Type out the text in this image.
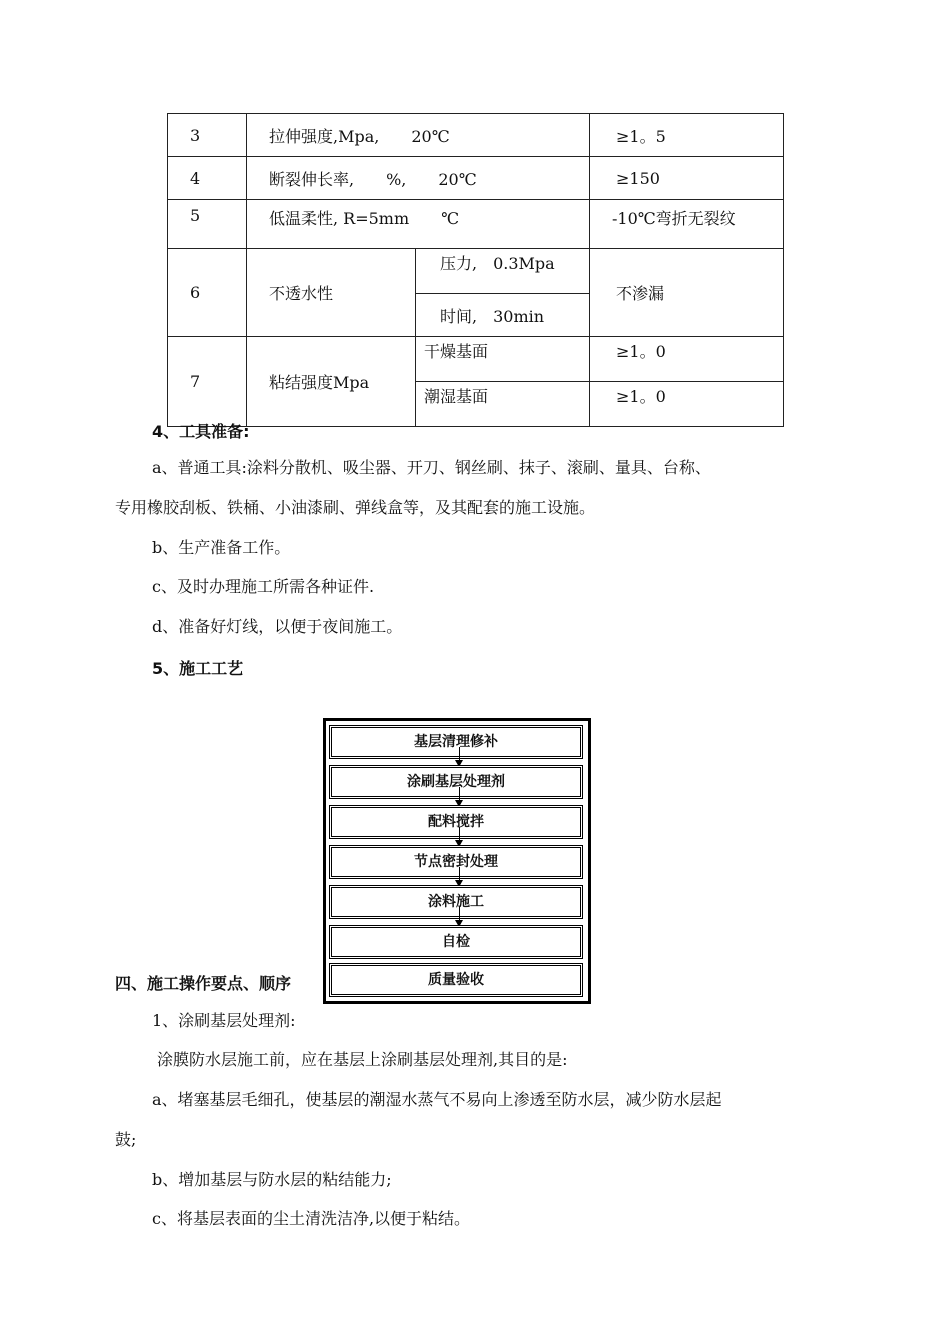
3	拉伸强度,Mpa,　　20℃		≥1。5
4	断裂伸长率,　　%,　　20℃		≥150
5	低温柔性, R=5mm　　℃		-10℃弯折无裂纹
6	不透水性	压力,　0.3Mpa	不渗漏
		时间,　30min	
7	粘结强度Mpa	干燥基面	≥1。0
		潮湿基面	≥1。0
4、工具准备:
a、普通工具:涂料分散机、吸尘器、开刀、钢丝刷、抹子、滚刷、量具、台称、
专用橡胶刮板、铁桶、小油漆刷、弹线盒等，及其配套的施工设施。
b、生产准备工作。
c、及时办理施工所需各种证件.
d、准备好灯线，以便于夜间施工。
5、施工工艺
四、施工操作要点、顺序
基层清理修补
涂刷基层处理剂
配料搅拌
节点密封处理
涂料施工
自检
质量验收
1、涂刷基层处理剂:
涂膜防水层施工前，应在基层上涂刷基层处理剂,其目的是:
a、堵塞基层毛细孔，使基层的潮湿水蒸气不易向上渗透至防水层，减少防水层起
鼓;
b、增加基层与防水层的粘结能力;
c、将基层表面的尘土清洗洁净,以便于粘结。
